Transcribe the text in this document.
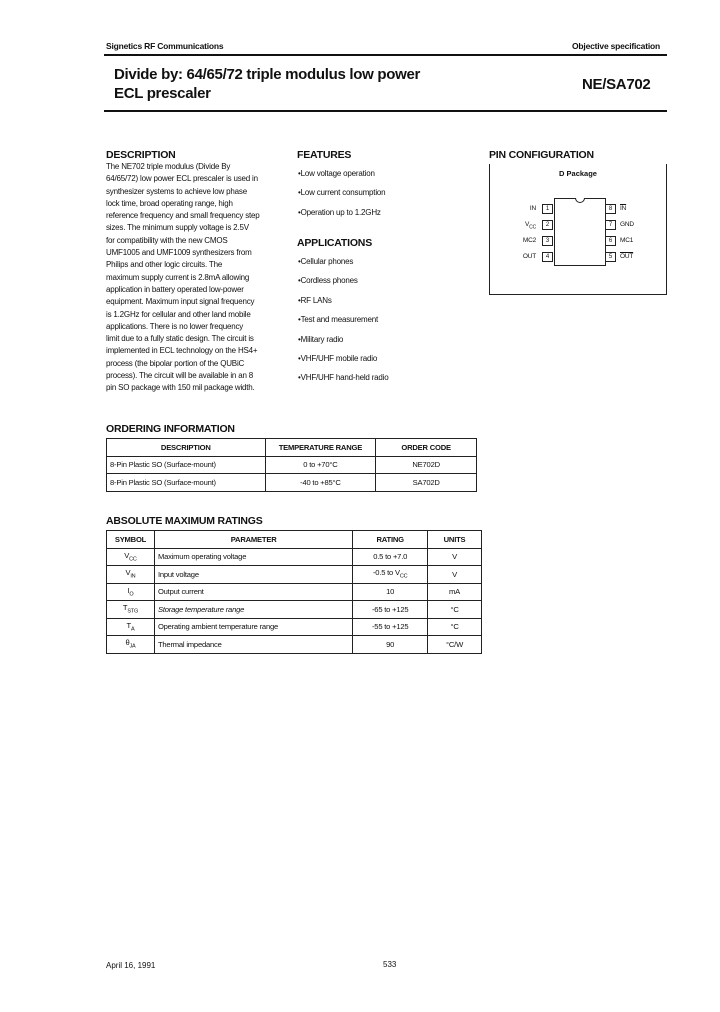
Signetics RF Communications	Objective specification
Divide by: 64/65/72 triple modulus low power
ECL prescaler
NE/SA702
DESCRIPTION
The NE702 triple modulus (Divide By
64/65/72) low power ECL prescaler is used in
synthesizer systems to achieve low phase
lock time, broad operating range, high
reference frequency and small frequency step
sizes. The minimum supply voltage is 2.5V
for compatibility with the new CMOS
UMF1005 and UMF1009 synthesizers from
Philips and other logic circuits. The
maximum supply current is 2.8mA allowing
application in battery operated low-power
equipment. Maximum input signal frequency
is 1.2GHz for cellular and other land mobile
applications. There is no lower frequency
limit due to a fully static design. The circuit is
implemented in ECL technology on the HS4+
process (the bipolar portion of the QUBiC
process). The circuit will be available in an 8
pin SO package with 150 mil package width.
FEATURES
•Low voltage operation
•Low current consumption
•Operation up to 1.2GHz
APPLICATIONS
•Cellular phones
•Cordless phones
•RF LANs
•Test and measurement
•Military radio
•VHF/UHF mobile radio
•VHF/UHF hand-held radio
PIN CONFIGURATION
D Package
1
IN
2
$V_{CC}$
3
MC2
4
OUT
8	$\overline{IN}$
7	GND
6	MC1
5	$\overline{OUT}$
ORDERING INFORMATION
DESCRIPTION	TEMPERATURE RANGE	ORDER CODE
8-Pin Plastic SO (Surface-mount)	0 to +70°C	NE702D
8-Pin Plastic SO (Surface-mount)	-40 to +85°C	SA702D
ABSOLUTE MAXIMUM RATINGS
SYMBOL	PARAMETER	RATING	UNITS
$V_{CC}$	Maximum operating voltage	0.5 to +7.0	V
$V_{IN}$	Input voltage	-0.5 to $V_{CC}$	V
$I_O$	Output current	10	mA
$T_{STG}$	Storage temperature range	-65 to +125	°C
$T_A$	Operating ambient temperature range	-55 to +125	°C
$\theta_{JA}$	Thermal impedance	90	°C/W
April 16, 1991	533
